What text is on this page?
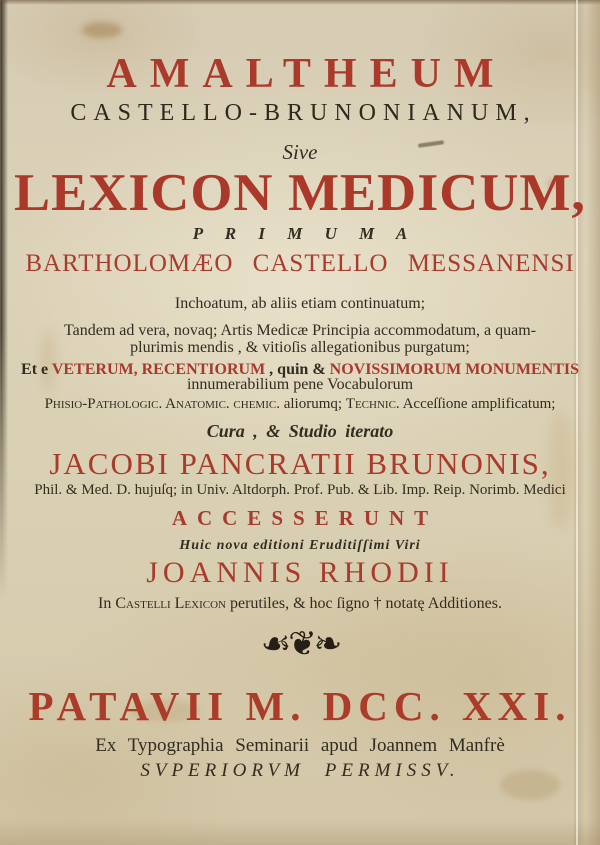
AMALTHEUM
CASTELLO-BRUNONIANUM,
Sive
LEXICON MEDICUM,
P R I M U M A
BARTHOLOMÆO CASTELLO MESSANENSI
Inchoatum, ab aliis etiam continuatum;
Tandem ad vera, novaq; Artis Medicæ Principia accommodatum, a quam-
plurimis mendis , & vitioſis allegationibus purgatum;
Et e VETERUM, RECENTIORUM , quin & NOVISSIMORUM MONUMENTIS
innumerabilium pene Vocabulorum
Phisio-Pathologic. Anatomic. chemic. aliorumq; Technic. Acceſſione amplificatum;
Cura , & Studio iterato
JACOBI PANCRATII BRUNONIS,
Phil. & Med. D. hujuſq; in Univ. Altdorph. Prof. Pub. & Lib. Imp. Reip. Norimb. Medici
ACCESSERUNT
Huic nova editioni Eruditiſſimi Viri
JOANNIS RHODII
In Castelli Lexicon perutiles, & hoc ſigno † notatę Additiones.
☙❦❧
PATAVII M. DCC. XXI.
Ex Typographia Seminarii apud Joannem Manfrè
SVPERIORVM PERMISSV.
